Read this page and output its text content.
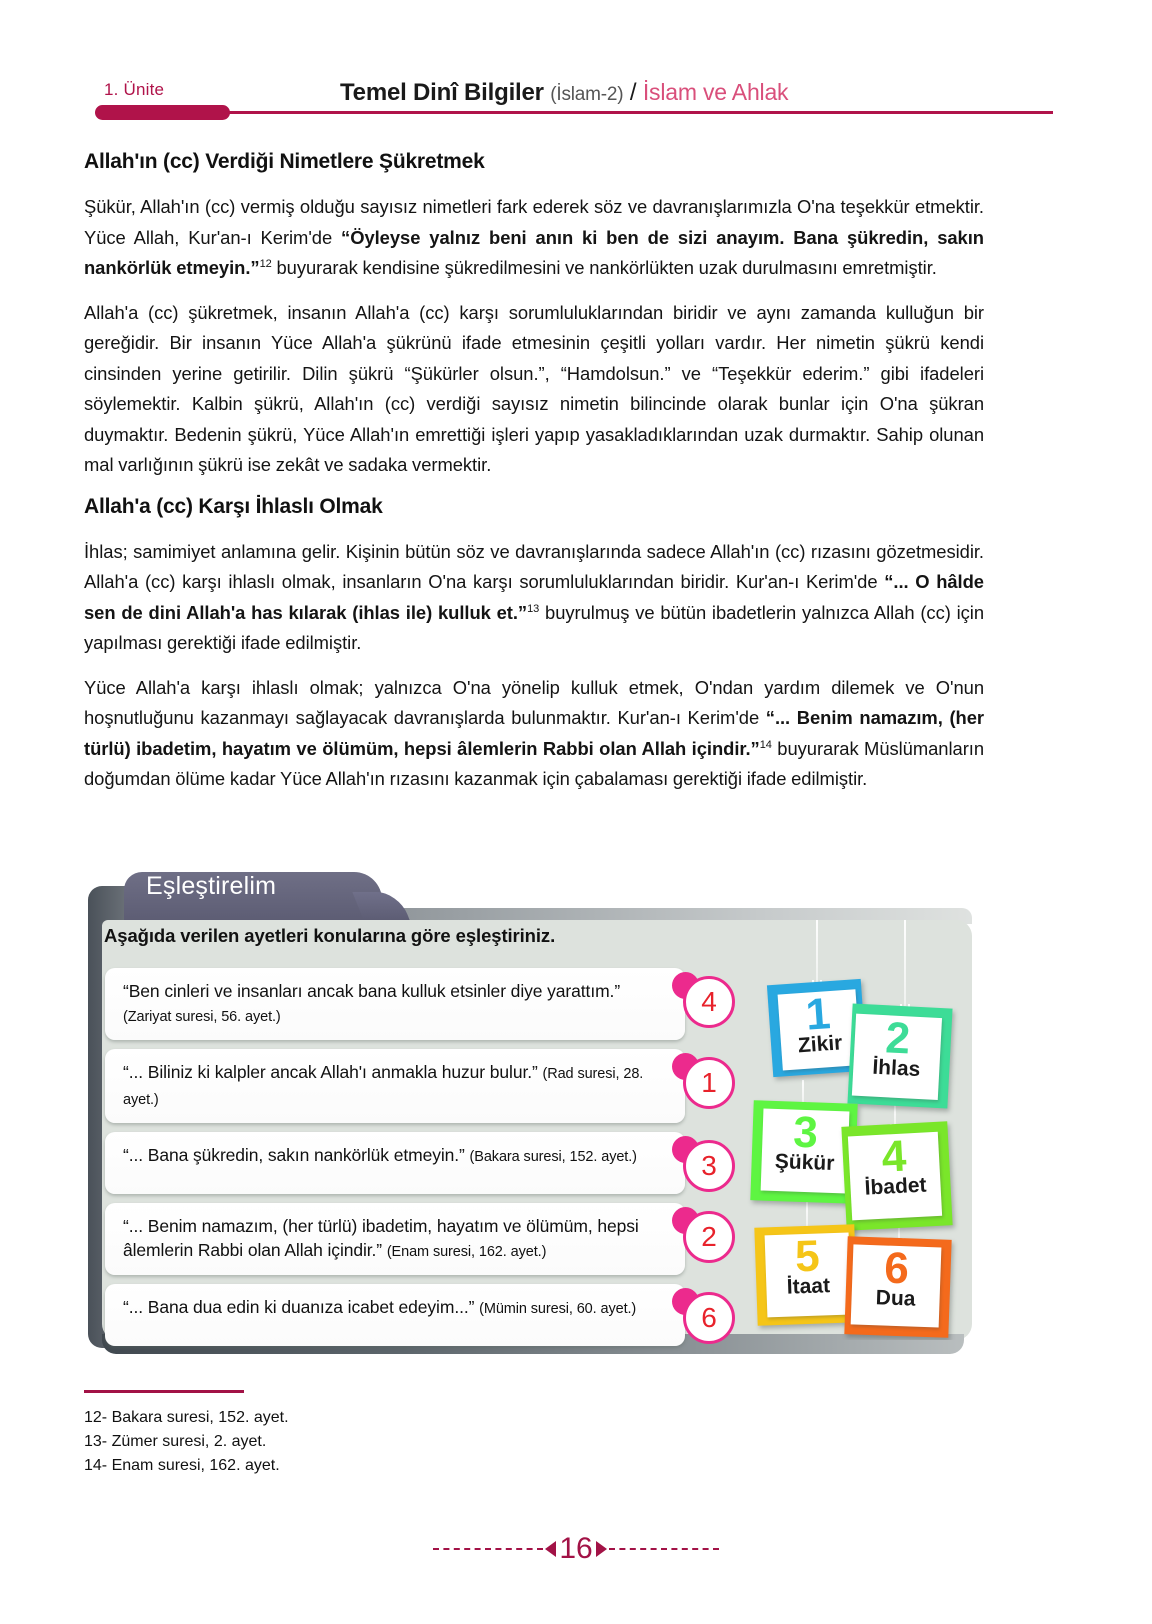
1. Ünite	Temel Dinî Bilgiler (İslam-2) / İslam ve Ahlak
Allah'ın (cc) Verdiği Nimetlere Şükretmek

Şükür, Allah'ın (cc) vermiş olduğu sayısız nimetleri fark ederek söz ve davranışlarımızla O'na teşekkür etmektir. Yüce Allah, Kur'an-ı Kerim'de “Öyleyse yalnız beni anın ki ben de sizi anayım. Bana şükredin, sakın nankörlük etmeyin.”$^{12}$ buyurarak kendisine şükredilmesini ve nankörlükten uzak durulmasını emretmiştir.

Allah'a (cc) şükretmek, insanın Allah'a (cc) karşı sorumluluklarından biridir ve aynı zamanda kulluğun bir gereğidir. Bir insanın Yüce Allah'a şükrünü ifade etmesinin çeşitli yolları vardır. Her nimetin şükrü kendi cinsinden yerine getirilir. Dilin şükrü “Şükürler olsun.”, “Hamdolsun.” ve “Teşekkür ederim.” gibi ifadeleri söylemektir. Kalbin şükrü, Allah'ın (cc) verdiği sayısız nimetin bilincinde olarak bunlar için O'na şükran duymaktır. Bedenin şükrü, Yüce Allah'ın emrettiği işleri yapıp yasakladıklarından uzak durmaktır. Sahip olunan mal varlığının şükrü ise zekât ve sadaka vermektir.

Allah'a (cc) Karşı İhlaslı Olmak

İhlas; samimiyet anlamına gelir. Kişinin bütün söz ve davranışlarında sadece Allah'ın (cc) rızasını gözetmesidir. Allah'a (cc) karşı ihlaslı olmak, insanların O'na karşı sorumluluklarından biridir. Kur'an-ı Kerim'de “... O hâlde sen de dini Allah'a has kılarak (ihlas ile) kulluk et.”$^{13}$ buyrulmuş ve bütün ibadetlerin yalnızca Allah (cc) için yapılması gerektiği ifade edilmiştir.

Yüce Allah'a karşı ihlaslı olmak; yalnızca O'na yönelip kulluk etmek, O'ndan yardım dilemek ve O'nun hoşnutluğunu kazanmayı sağlayacak davranışlarda bulunmaktır. Kur'an-ı Kerim'de “... Benim namazım, (her türlü) ibadetim, hayatım ve ölümüm, hepsi âlemlerin Rabbi olan Allah içindir.”$^{14}$ buyurarak Müslümanların doğumdan ölüme kadar Yüce Allah'ın rızasını kazanmak için çabalaması gerektiği ifade edilmiştir.

1
Zikir 2
İhlas
3
Şükür 4
İbadet
5
İtaat 6
Dua
Eşleştirelim
Aşağıda verilen ayetleri konularına göre eşleştiriniz.
“Ben cinleri ve insanları ancak bana kulluk etsinler diye yarattım.” (Zariyat suresi, 56. ayet.)	4
“... Biliniz ki kalpler ancak Allah'ı anmakla huzur bulur.” (Rad suresi, 28. ayet.)
1
“... Bana şükredin, sakın nankörlük etmeyin.” (Bakara suresi, 152. ayet.)	3
“... Benim namazım, (her türlü) ibadetim, hayatım ve ölümüm, hepsi âlemlerin Rabbi olan Allah içindir.” (Enam suresi, 162. ayet.)	2
“... Bana dua edin ki duanıza icabet edeyim...” (Mümin suresi, 60. ayet.)	6
12- Bakara suresi, 152. ayet.
13- Zümer suresi, 2. ayet.
14- Enam suresi, 162. ayet.
16
